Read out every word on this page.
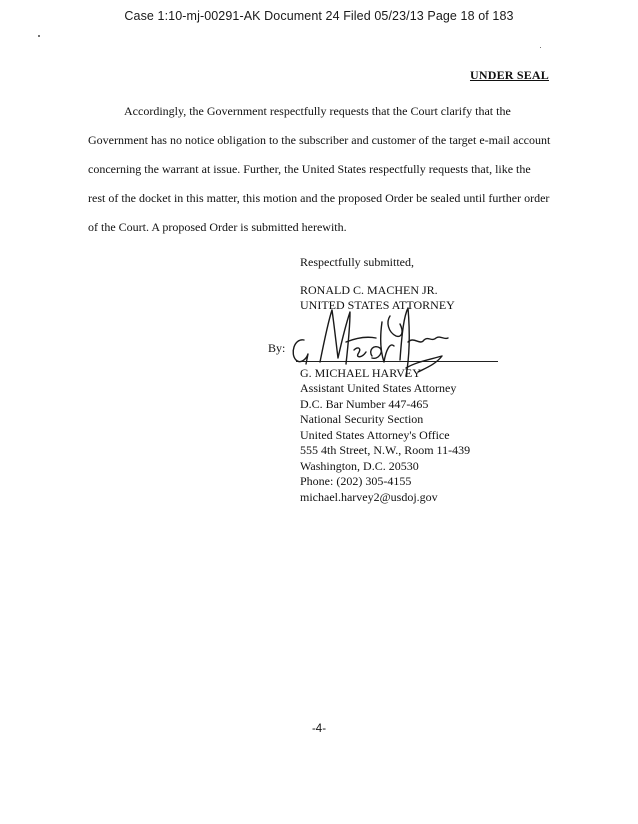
Case 1:10-mj-00291-AK Document 24 Filed 05/23/13 Page 18 of 183
UNDER SEAL
Accordingly, the Government respectfully requests that the Court clarify that the
Government has no notice obligation to the subscriber and customer of the target e-mail account
concerning the warrant at issue. Further, the United States respectfully requests that, like the
rest of the docket in this matter, this motion and the proposed Order be sealed until further order
of the Court. A proposed Order is submitted herewith.
Respectfully submitted,
RONALD C. MACHEN JR.
UNITED STATES ATTORNEY
By:
G. MICHAEL HARVEY
Assistant United States Attorney
D.C. Bar Number 447-465
National Security Section
United States Attorney's Office
555 4th Street, N.W., Room 11-439
Washington, D.C. 20530
Phone: (202) 305-4155
michael.harvey2@usdoj.gov
-4-
